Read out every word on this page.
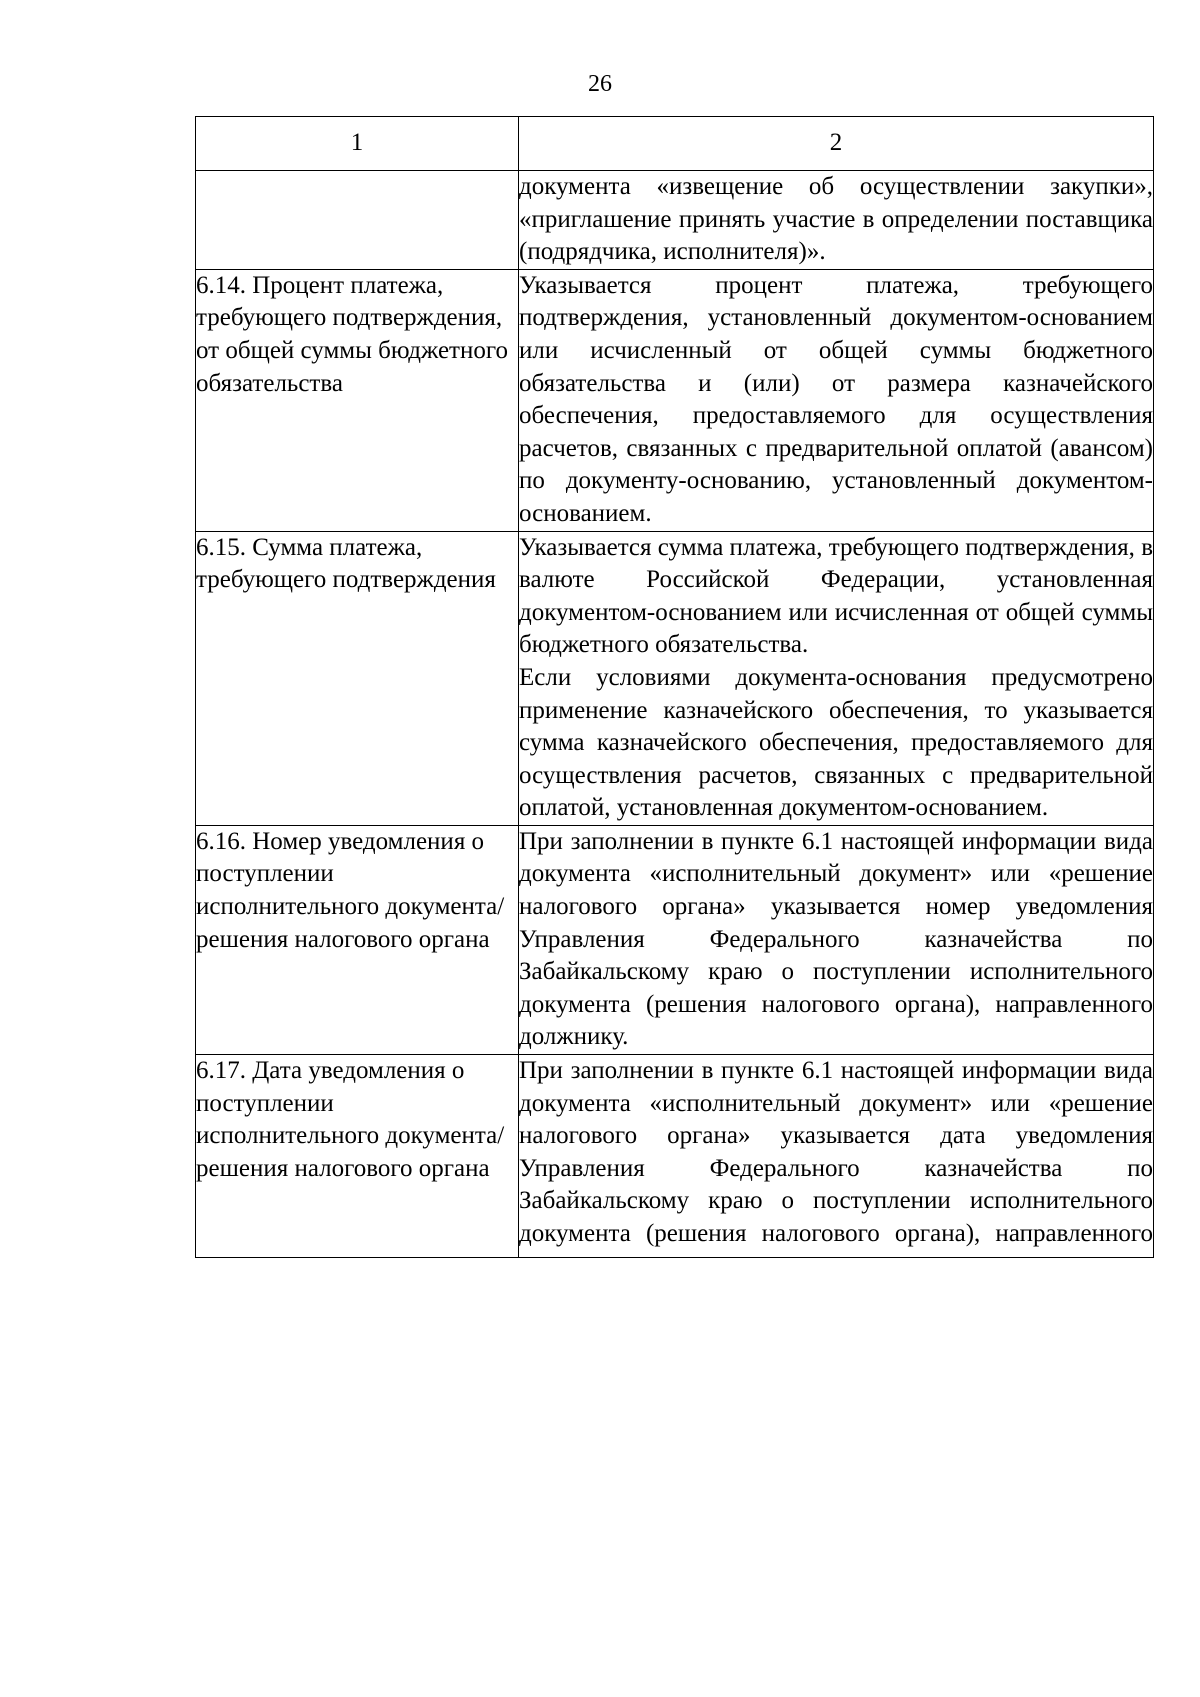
26
1	2

	документа «извещение об осуществлении закупки», «приглашение принять участие в определении поставщика (подрядчика, исполнителя)».

6.14. Процент платежа, требующего подтверждения, от общей суммы бюджетного обязательства	Указывается процент платежа, требующего подтверждения, установленный документом-основанием или исчисленный от общей суммы бюджетного обязательства и (или) от размера казначейского обеспечения, предоставляемого для осуществления расчетов, связанных с предварительной оплатой (авансом) по документу-основанию, установленный документом-основанием.

6.15. Сумма платежа, требующего подтверждения	Указывается сумма платежа, требующего подтверждения, в валюте Российской Федерации, установленная документом-основанием или исчисленная от общей суммы бюджетного обязательства.
Если условиями документа-основания предусмотрено применение казначейского обеспечения, то указывается сумма казначейского обеспечения, предоставляемого для осуществления расчетов, связанных с предварительной оплатой, установленная документом-основанием.

6.16. Номер уведомления о поступлении исполнительного документа/решения налогового органа	При заполнении в пункте 6.1 настоящей информации вида документа «исполнительный документ» или «решение налогового органа» указывается номер уведомления Управления Федерального казначейства по Забайкальскому краю о поступлении исполнительного документа (решения налогового органа), направленного должнику.

6.17. Дата уведомления о поступлении исполнительного документа/решения налогового органа	При заполнении в пункте 6.1 настоящей информации вида документа «исполнительный документ» или «решение налогового органа» указывается дата уведомления Управления Федерального казначейства по Забайкальскому краю о поступлении исполнительного документа (решения налогового органа), направленного
